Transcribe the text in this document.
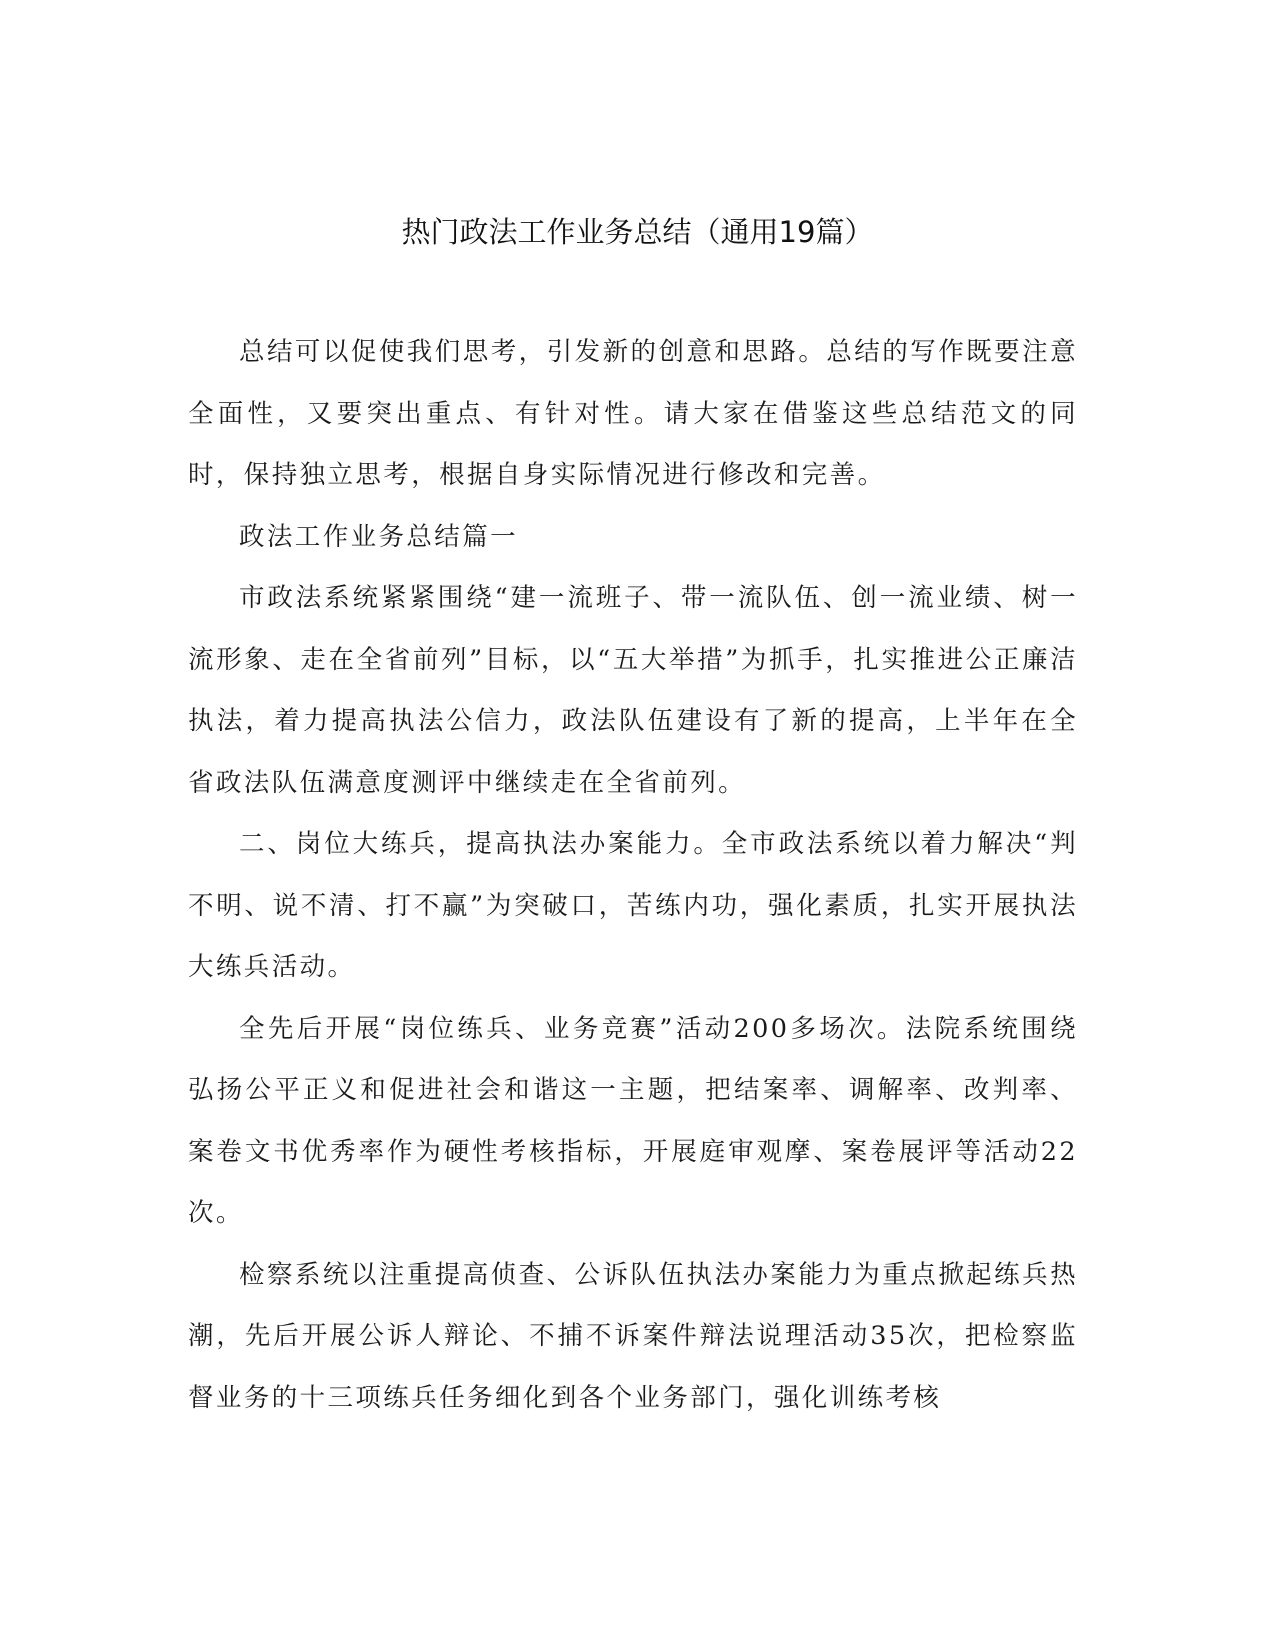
热门政法工作业务总结（通用19篇）

总结可以促使我们思考，引发新的创意和思路。总结的写作既要注意全面性，又要突出重点、有针对性。请大家在借鉴这些总结范文的同时，保持独立思考，根据自身实际情况进行修改和完善。

政法工作业务总结篇一

市政法系统紧紧围绕“建一流班子、带一流队伍、创一流业绩、树一流形象、走在全省前列”目标，以“五大举措”为抓手，扎实推进公正廉洁执法，着力提高执法公信力，政法队伍建设有了新的提高，上半年在全省政法队伍满意度测评中继续走在全省前列。

二、岗位大练兵，提高执法办案能力。全市政法系统以着力解决“判不明、说不清、打不赢”为突破口，苦练内功，强化素质，扎实开展执法大练兵活动。

全先后开展“岗位练兵、业务竞赛”活动200多场次。法院系统围绕弘扬公平正义和促进社会和谐这一主题，把结案率、调解率、改判率、案卷文书优秀率作为硬性考核指标，开展庭审观摩、案卷展评等活动22次。

检察系统以注重提高侦查、公诉队伍执法办案能力为重点掀起练兵热潮，先后开展公诉人辩论、不捕不诉案件辩法说理活动35次，把检察监督业务的十三项练兵任务细化到各个业务部门，强化训练考核
